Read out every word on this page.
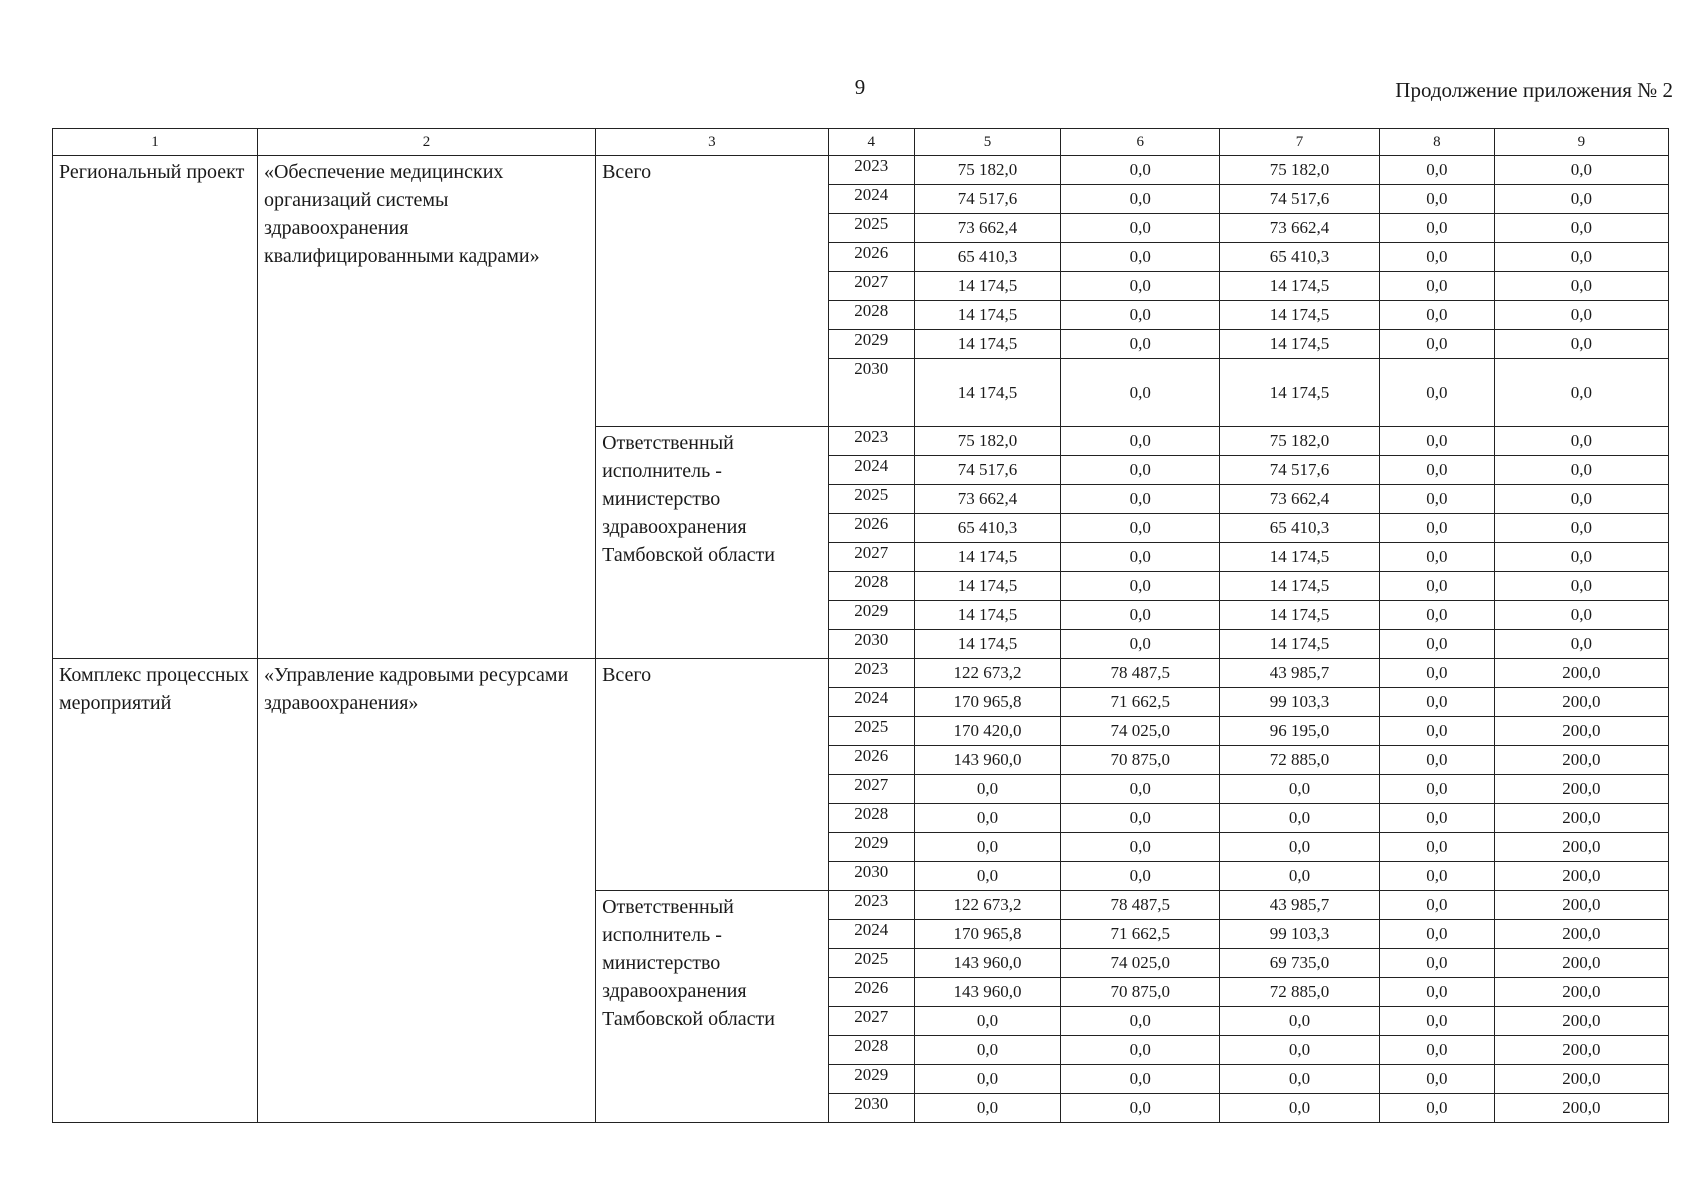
9	Продолжение приложения № 2
1	2	3	4	5	6	7	8	9
Региональный проект	«Обеспечение медицинских организаций системы здравоохранения квалифицированными кадрами»	Всего	2023	75 182,0	0,0	75 182,0	0,0	0,0
			2024	74 517,6	0,0	74 517,6	0,0	0,0
			2025	73 662,4	0,0	73 662,4	0,0	0,0
			2026	65 410,3	0,0	65 410,3	0,0	0,0
			2027	14 174,5	0,0	14 174,5	0,0	0,0
			2028	14 174,5	0,0	14 174,5	0,0	0,0
			2029	14 174,5	0,0	14 174,5	0,0	0,0
			2030	14 174,5	0,0	14 174,5	0,0	0,0
		Ответственный исполнитель - министерство здравоохранения Тамбовской области	2023	75 182,0	0,0	75 182,0	0,0	0,0
			2024	74 517,6	0,0	74 517,6	0,0	0,0
			2025	73 662,4	0,0	73 662,4	0,0	0,0
			2026	65 410,3	0,0	65 410,3	0,0	0,0
			2027	14 174,5	0,0	14 174,5	0,0	0,0
			2028	14 174,5	0,0	14 174,5	0,0	0,0
			2029	14 174,5	0,0	14 174,5	0,0	0,0
			2030	14 174,5	0,0	14 174,5	0,0	0,0
Комплекс процессных мероприятий	«Управление кадровыми ресурсами здравоохранения»	Всего	2023	122 673,2	78 487,5	43 985,7	0,0	200,0
			2024	170 965,8	71 662,5	99 103,3	0,0	200,0
			2025	170 420,0	74 025,0	96 195,0	0,0	200,0
			2026	143 960,0	70 875,0	72 885,0	0,0	200,0
			2027	0,0	0,0	0,0	0,0	200,0
			2028	0,0	0,0	0,0	0,0	200,0
			2029	0,0	0,0	0,0	0,0	200,0
			2030	0,0	0,0	0,0	0,0	200,0
		Ответственный исполнитель - министерство здравоохранения Тамбовской области	2023	122 673,2	78 487,5	43 985,7	0,0	200,0
			2024	170 965,8	71 662,5	99 103,3	0,0	200,0
			2025	143 960,0	74 025,0	69 735,0	0,0	200,0
			2026	143 960,0	70 875,0	72 885,0	0,0	200,0
			2027	0,0	0,0	0,0	0,0	200,0
			2028	0,0	0,0	0,0	0,0	200,0
			2029	0,0	0,0	0,0	0,0	200,0
			2030	0,0	0,0	0,0	0,0	200,0
